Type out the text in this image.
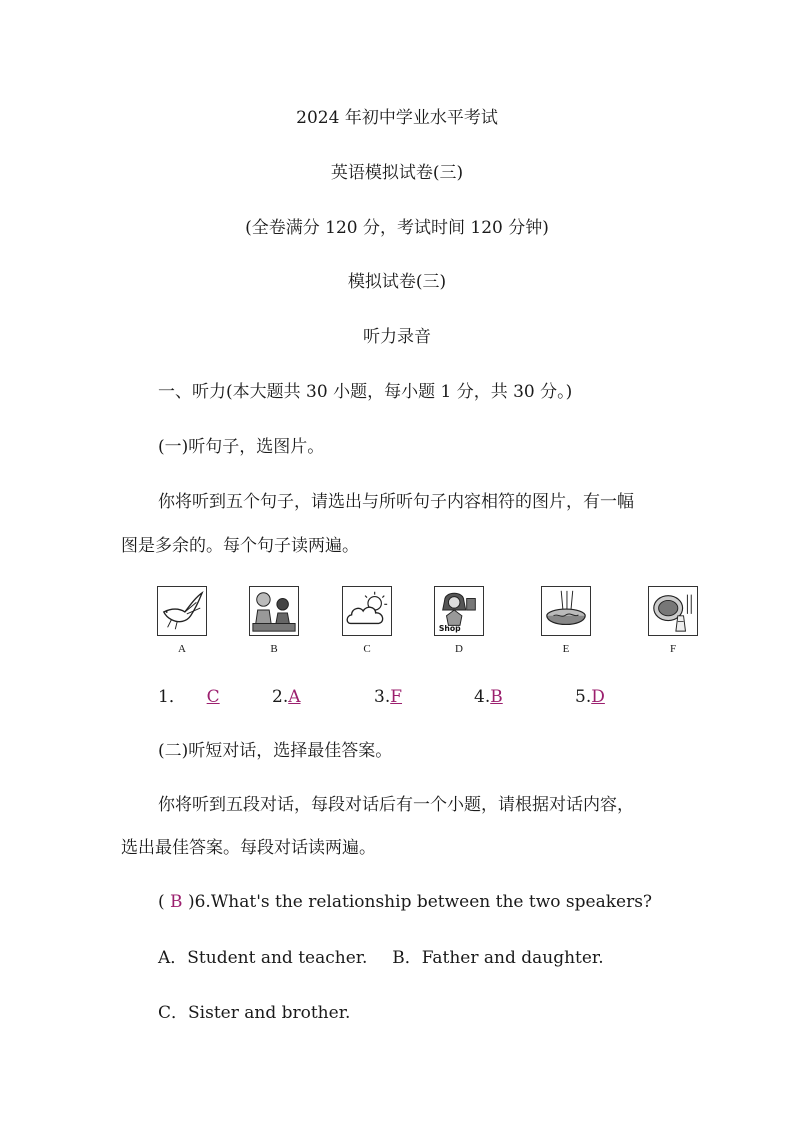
2024 年初中学业水平考试
英语模拟试卷(三)
(全卷满分 120 分，考试时间 120 分钟)
模拟试卷(三)
听力录音
一、听力(本大题共 30 小题，每小题 1 分，共 30 分。)
(一)听句子，选图片。
你将听到五个句子，请选出与所听句子内容相符的图片，有一幅
图是多余的。每个句子读两遍。
A	B	C
Shop
D	E	F
1． C	2.A	3.F	4.B	5.D
(二)听短对话，选择最佳答案。
你将听到五段对话，每段对话后有一个小题，请根据对话内容，
选出最佳答案。每段对话读两遍。
( B )6.What's the relationship between the two speakers?
A．Student and teacher. B．Father and daughter.
C．Sister and brother.
